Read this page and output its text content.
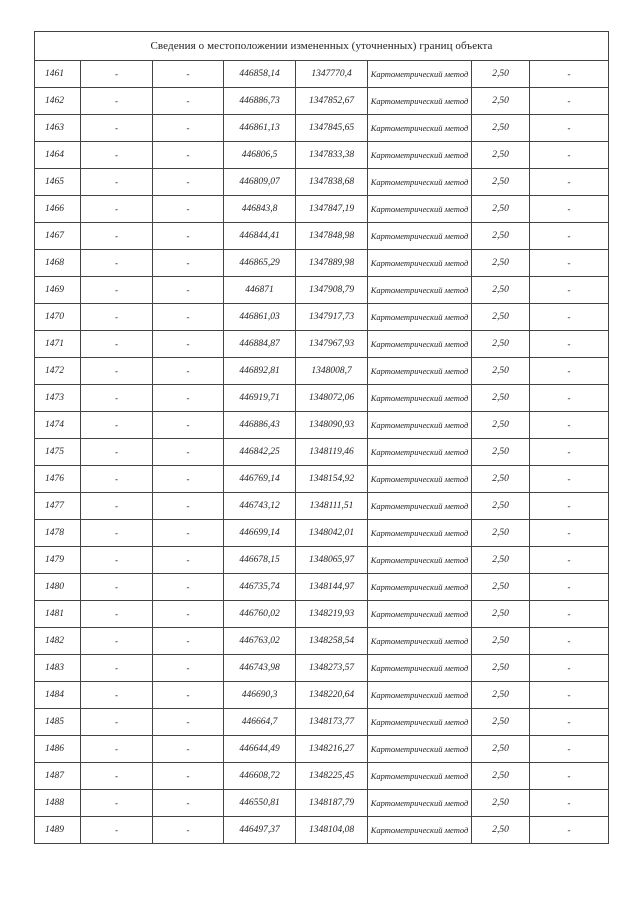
Сведения о местоположении измененных (уточненных) границ объекта							
1461	-	-	446858,14	1347770,4	Картометрический метод	2,50	-
1462	-	-	446886,73	1347852,67	Картометрический метод	2,50	-
1463	-	-	446861,13	1347845,65	Картометрический метод	2,50	-
1464	-	-	446806,5	1347833,38	Картометрический метод	2,50	-
1465	-	-	446809,07	1347838,68	Картометрический метод	2,50	-
1466	-	-	446843,8	1347847,19	Картометрический метод	2,50	-
1467	-	-	446844,41	1347848,98	Картометрический метод	2,50	-
1468	-	-	446865,29	1347889,98	Картометрический метод	2,50	-
1469	-	-	446871	1347908,79	Картометрический метод	2,50	-
1470	-	-	446861,03	1347917,73	Картометрический метод	2,50	-
1471	-	-	446884,87	1347967,93	Картометрический метод	2,50	-
1472	-	-	446892,81	1348008,7	Картометрический метод	2,50	-
1473	-	-	446919,71	1348072,06	Картометрический метод	2,50	-
1474	-	-	446886,43	1348090,93	Картометрический метод	2,50	-
1475	-	-	446842,25	1348119,46	Картометрический метод	2,50	-
1476	-	-	446769,14	1348154,92	Картометрический метод	2,50	-
1477	-	-	446743,12	1348111,51	Картометрический метод	2,50	-
1478	-	-	446699,14	1348042,01	Картометрический метод	2,50	-
1479	-	-	446678,15	1348065,97	Картометрический метод	2,50	-
1480	-	-	446735,74	1348144,97	Картометрический метод	2,50	-
1481	-	-	446760,02	1348219,93	Картометрический метод	2,50	-
1482	-	-	446763,02	1348258,54	Картометрический метод	2,50	-
1483	-	-	446743,98	1348273,57	Картометрический метод	2,50	-
1484	-	-	446690,3	1348220,64	Картометрический метод	2,50	-
1485	-	-	446664,7	1348173,77	Картометрический метод	2,50	-
1486	-	-	446644,49	1348216,27	Картометрический метод	2,50	-
1487	-	-	446608,72	1348225,45	Картометрический метод	2,50	-
1488	-	-	446550,81	1348187,79	Картометрический метод	2,50	-
1489	-	-	446497,37	1348104,08	Картометрический метод	2,50	-
